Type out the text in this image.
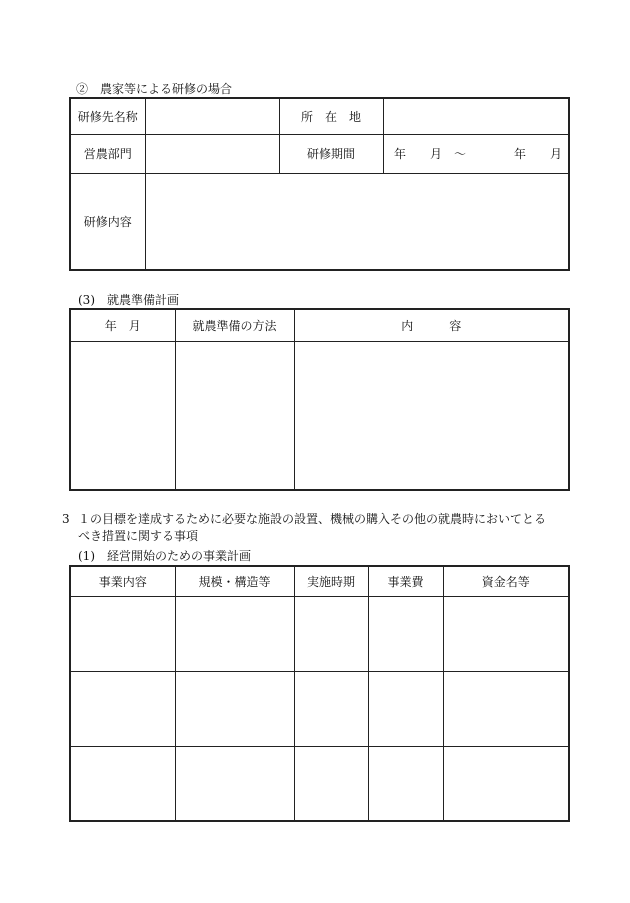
②　農家等による研修の場合
研修先名称		所　在　地	
営農部門		研修期間	年　　月　～　　　　年　　月
研修内容			
(3)　就農準備計画
年　月	就農準備の方法	内　　　容

3 １の目標を達成するために必要な施設の設置、機械の購入その他の就農時においてとる
べき措置に関する事項
(1)　経営開始のための事業計画
事業内容	規模・構造等	実施時期	事業費	資金名等
